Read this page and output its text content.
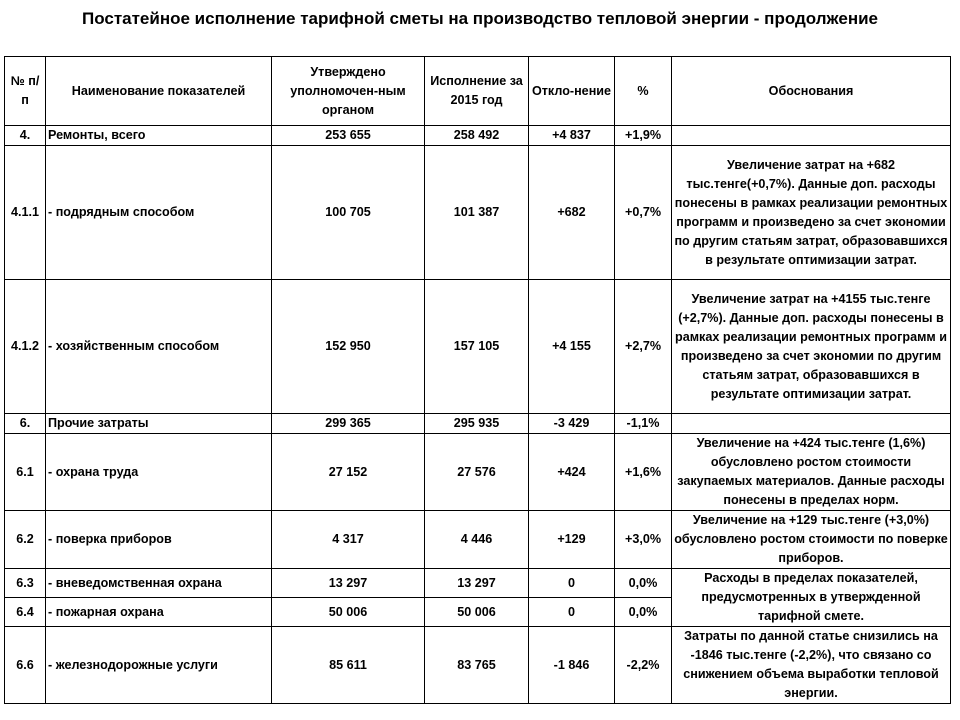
Постатейное исполнение тарифной сметы на производство тепловой энергии - продолжение
№ п/п	Наименование показателей	Утверждено уполномочен-ным органом	Исполнение за 2015 год	Откло-нение	%	Обоснования
4.	Ремонты, всего	253 655	258 492	+4 837	+1,9%	
4.1.1	- подрядным способом	100 705	101 387	+682	+0,7%	Увеличение затрат на +682 тыс.тенге(+0,7%). Данные доп. расходы понесены в рамках реализации ремонтных программ и произведено за счет экономии по другим статьям затрат, образовавшихся в результате оптимизации затрат.
4.1.2	- хозяйственным способом	152 950	157 105	+4 155	+2,7%	Увеличение затрат на +4155 тыс.тенге (+2,7%). Данные доп. расходы понесены в рамках реализации ремонтных программ и произведено за счет экономии по другим статьям затрат, образовавшихся в результате оптимизации затрат.
6.	Прочие затраты	299 365	295 935	-3 429	-1,1%	
6.1	- охрана труда	27 152	27 576	+424	+1,6%	Увеличение на +424 тыс.тенге (1,6%) обусловлено ростом стоимости закупаемых материалов. Данные расходы понесены в пределах норм.
6.2	- поверка приборов	4 317	4 446	+129	+3,0%	Увеличение на +129 тыс.тенге (+3,0%) обусловлено ростом стоимости по поверке приборов.
6.3	- вневедомственная охрана	13 297	13 297	0	0,0%	Расходы в пределах показателей, предусмотренных в утвержденной тарифной смете.
6.4	- пожарная охрана	50 006	50 006	0	0,0%	
6.6	- железнодорожные услуги	85 611	83 765	-1 846	-2,2%	Затраты по данной статье снизились на -1846 тыс.тенге (-2,2%), что связано со снижением объема выработки тепловой энергии.
